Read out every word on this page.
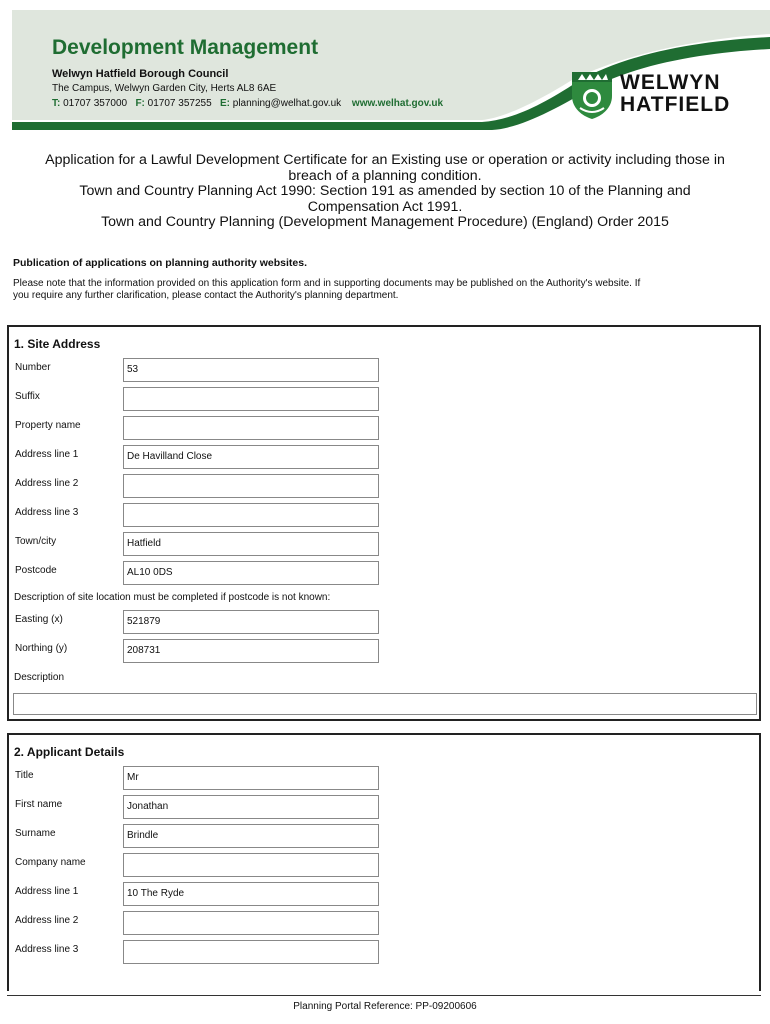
Development Management
Welwyn Hatfield Borough Council
The Campus, Welwyn Garden City, Herts AL8 6AE
T: 01707 357000 F: 01707 357255 E: planning@welhat.gov.uk www.welhat.gov.uk
WELWYN
HATFIELD
Application for a Lawful Development Certificate for an Existing use or operation or activity including those in
breach of a planning condition.
Town and Country Planning Act 1990: Section 191 as amended by section 10 of the Planning and
Compensation Act 1991.
Town and Country Planning (Development Management Procedure) (England) Order 2015
Publication of applications on planning authority websites.
Please note that the information provided on this application form and in supporting documents may be published on the Authority's website. If
you require any further clarification, please contact the Authority's planning department.
1. Site Address
Number	53
Suffix
Property name
Address line 1	De Havilland Close
Address line 2
Address line 3
Town/city	Hatfield
Postcode	AL10 0DS
Description of site location must be completed if postcode is not known:
Easting (x)	521879
Northing (y)	208731
Description
2. Applicant Details
Title	Mr
First name	Jonathan
Surname	Brindle
Company name
Address line 1	10 The Ryde
Address line 2
Address line 3
Planning Portal Reference: PP-09200606
